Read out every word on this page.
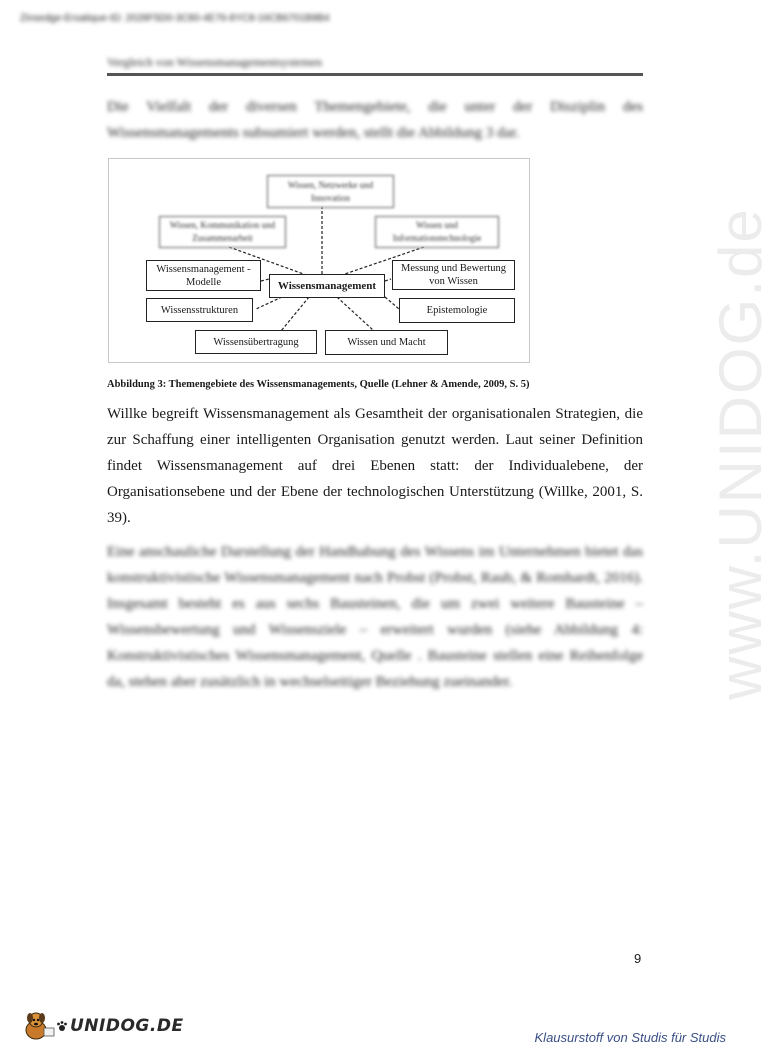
Zinsedge-Ersatique-ID: 2028F5D0-3C80-4E76-8YC8-16CB6701B8B4
Vergleich von Wissensmanagementsystemen

Die Vielfalt der diversen Themengebiete, die unter der Disziplin des Wissensmanagements subsumiert werden, stellt die Abbildung 3 dar.

Wissen, Netzwerke und Innovation
Wissen, Kommunikation und Zusammenarbeit
Wissen und Informationstechnologie
Wissensmanagement - Modelle	Wissensmanagement
Messung und Bewertung von Wissen
Wissensstrukturen	Epistemologie
Wissensübertragung	Wissen und Macht
Abbildung 3: Themengebiete des Wissensmanagements, Quelle (Lehner & Amende, 2009, S. 5)

Willke begreift Wissensmanagement als Gesamtheit der organisationalen Strategien, die zur Schaffung einer intelligenten Organisation genutzt werden. Laut seiner Definition findet Wissensmanagement auf drei Ebenen statt: der Individualebene, der Organisationsebene und der Ebene der technologischen Unterstützung (Willke, 2001, S. 39).

Eine anschauliche Darstellung der Handhabung des Wissens im Unternehmen bietet das konstruktivistische Wissensmanagement nach Probst (Probst, Raub, & Romhardt, 2016). Insgesamt besteht es aus sechs Bausteinen, die um zwei weitere Bausteine – Wissensbewertung und Wissensziele – erweitert wurden (siehe Abbildung 4: Konstruktivistisches Wissensmanagement, Quelle . Bausteine stellen eine Reihenfolge da, stehen aber zusätzlich in wechselseitiger Beziehung zueinander.	www.UNIDOG.de
9
UNIDOG.DE
Klausurstoff von Studis für Studis
